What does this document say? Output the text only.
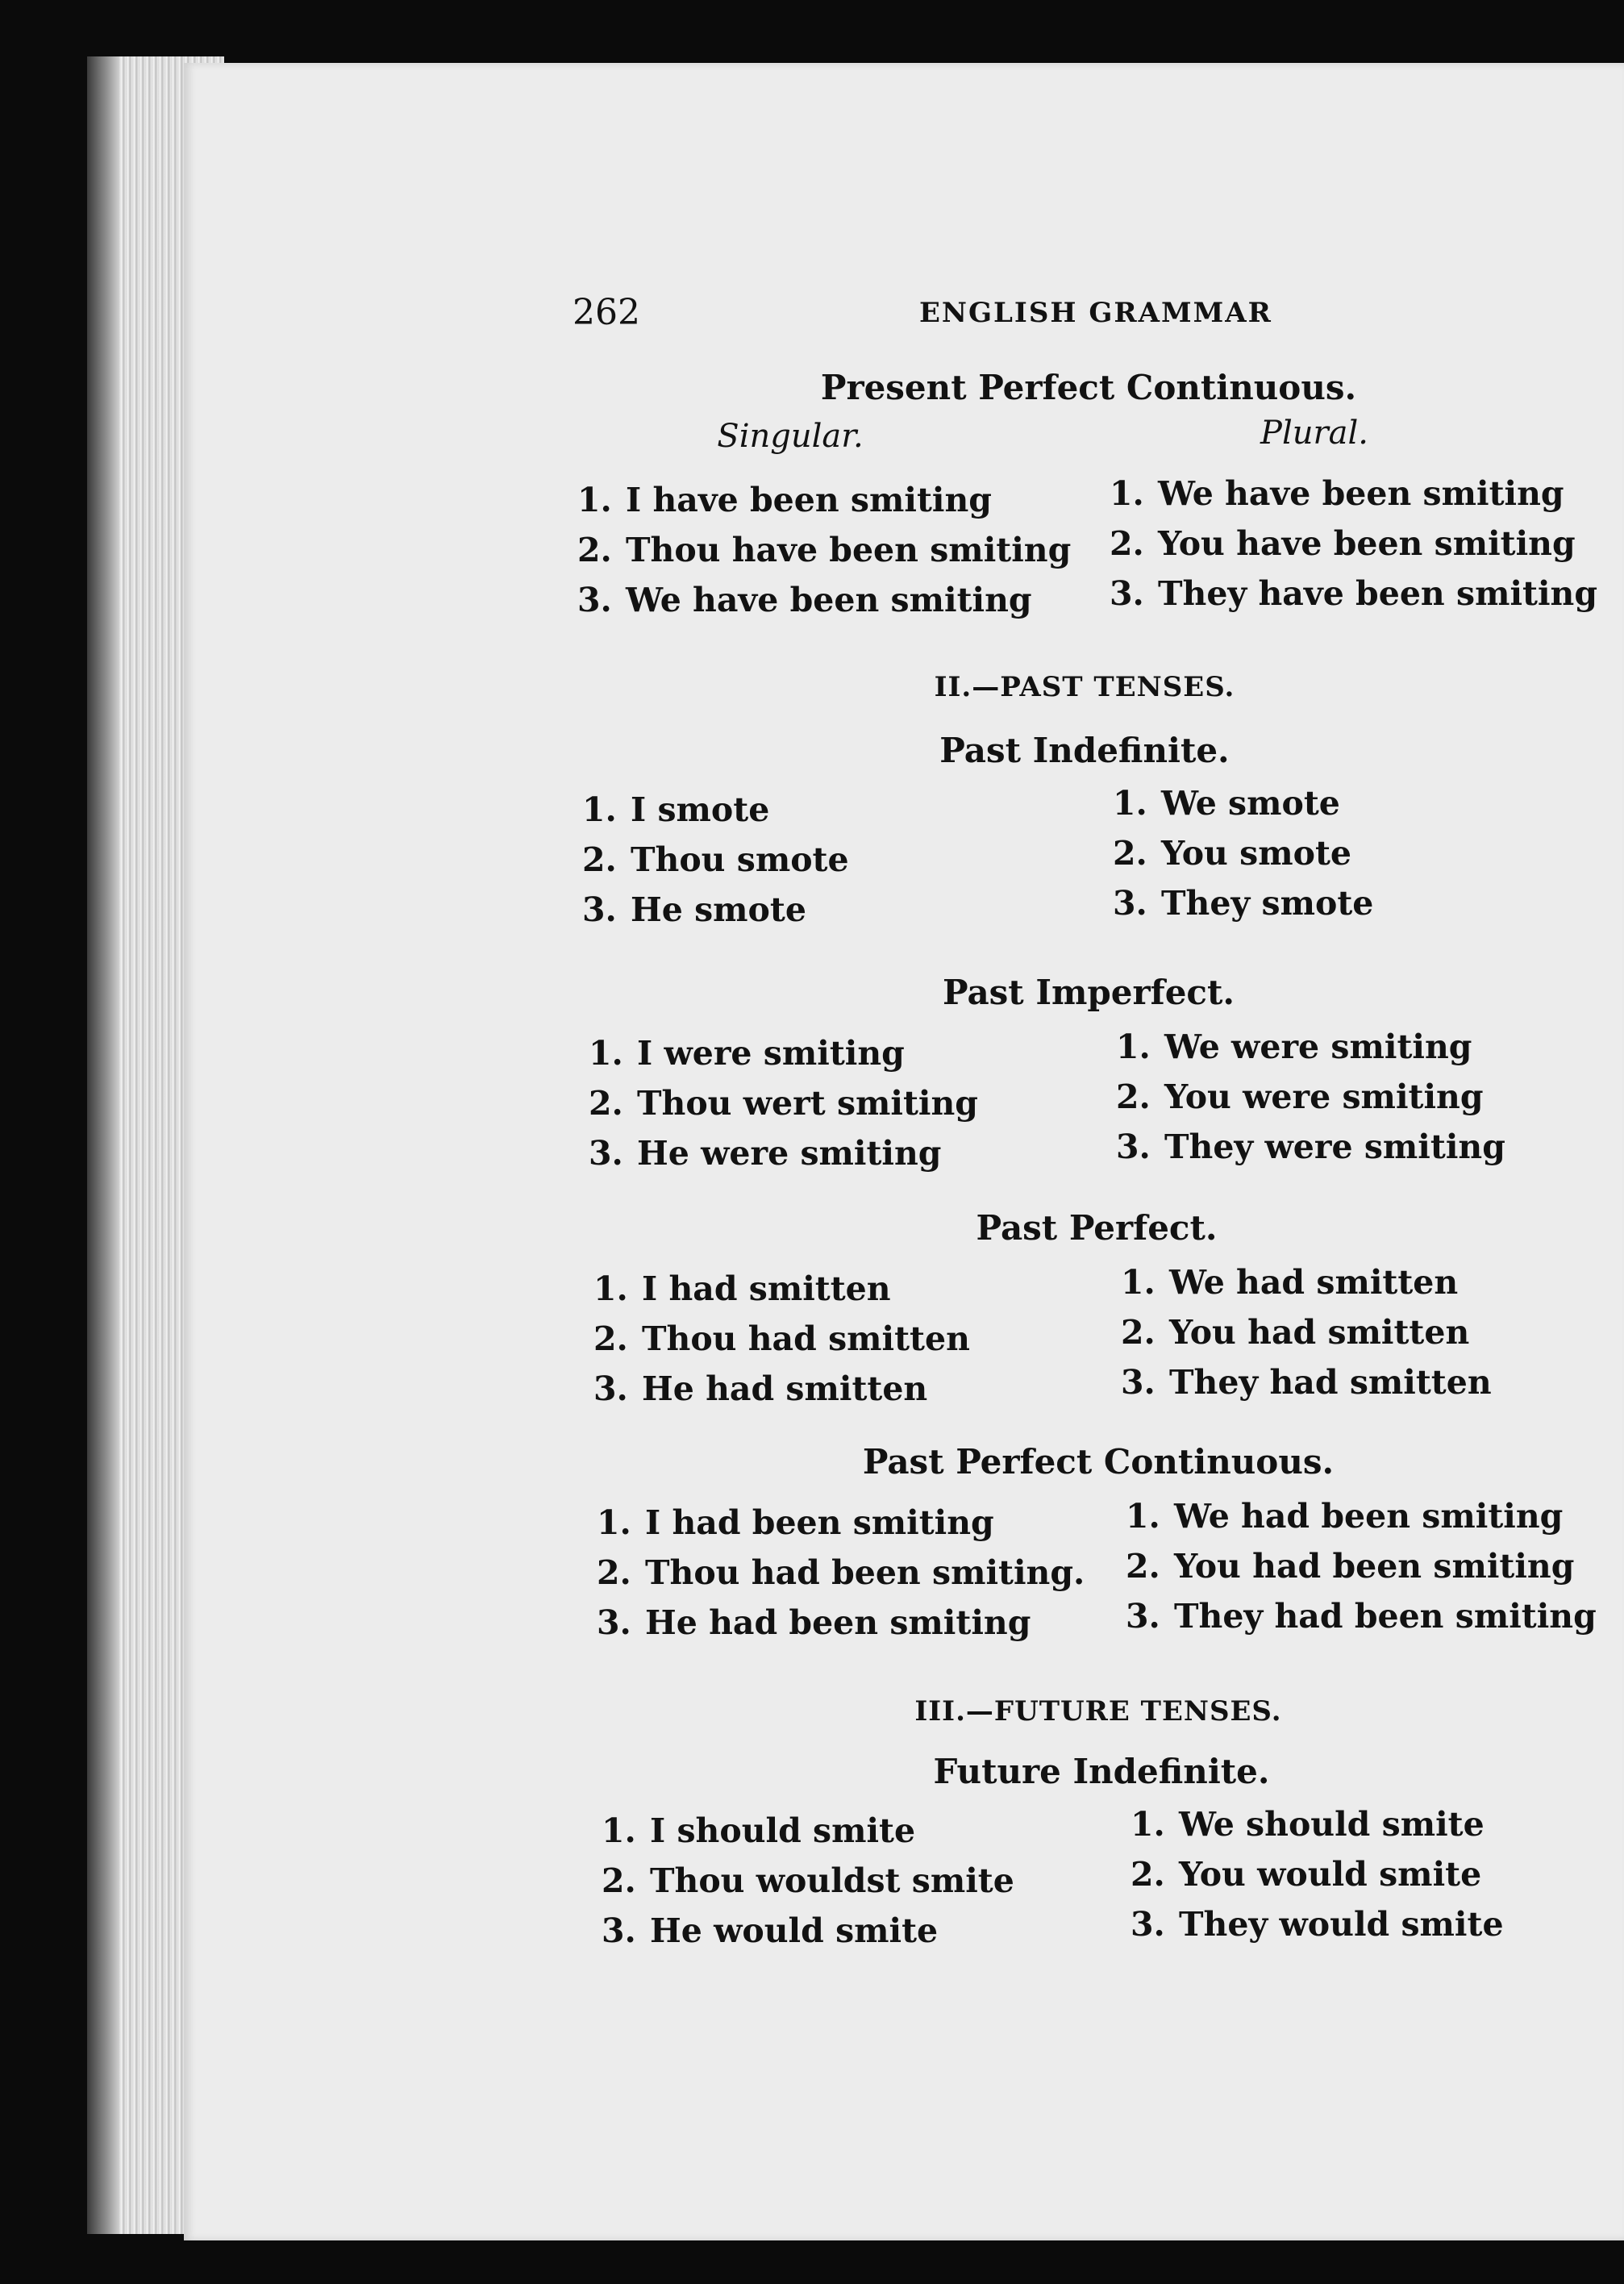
262	ENGLISH GRAMMAR
Present Perfect Continuous.
Singular.	Plural.
1. I have been smiting
2. Thou have been smiting
3. We have been smiting
1. We have been smiting
2. You have been smiting
3. They have been smiting
II.—PAST TENSES.
Past Indefinite.
1. I smote
2. Thou smote
3. He smote
1. We smote
2. You smote
3. They smote
Past Imperfect.
1. I were smiting
2. Thou wert smiting
3. He were smiting
1. We were smiting
2. You were smiting
3. They were smiting
Past Perfect.
1. I had smitten
2. Thou had smitten
3. He had smitten
1. We had smitten
2. You had smitten
3. They had smitten
Past Perfect Continuous.
1. I had been smiting
2. Thou had been smiting.
3. He had been smiting
1. We had been smiting
2. You had been smiting
3. They had been smiting
III.—FUTURE TENSES.
Future Indefinite.
1. I should smite
2. Thou wouldst smite
3. He would smite
1. We should smite
2. You would smite
3. They would smite
